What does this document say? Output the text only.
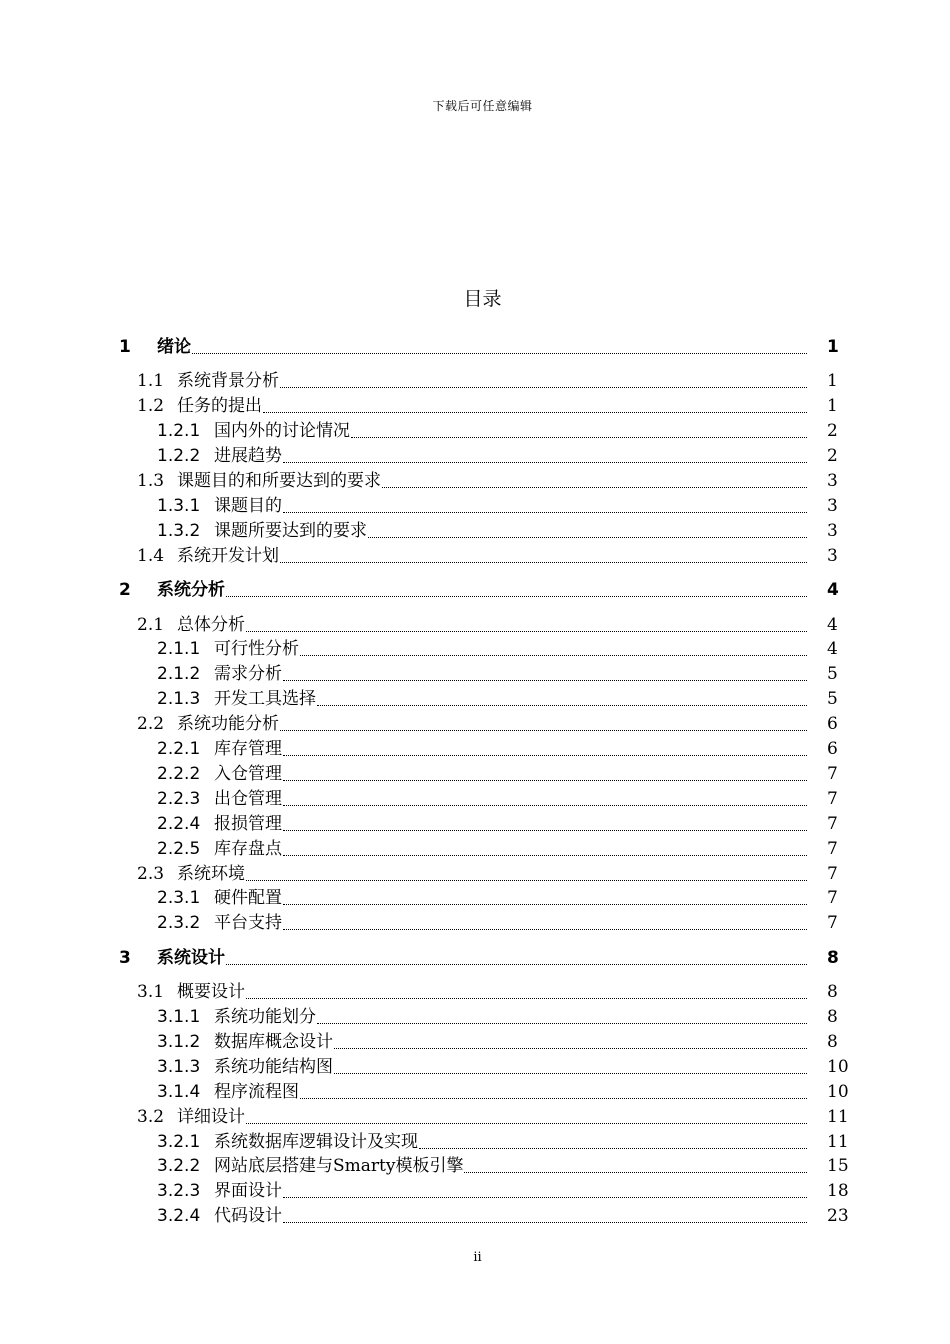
下载后可任意编辑
目录
1 绪论	1
1.1 系统背景分析	1
1.2 任务的提出	1
1.2.1 国内外的讨论情况	2
1.2.2 进展趋势	2
1.3 课题目的和所要达到的要求	3
1.3.1 课题目的	3
1.3.2 课题所要达到的要求	3
1.4 系统开发计划	3
2 系统分析	4
2.1 总体分析	4
2.1.1 可行性分析	4
2.1.2 需求分析	5
2.1.3 开发工具选择	5
2.2 系统功能分析	6
2.2.1 库存管理	6
2.2.2 入仓管理	7
2.2.3 出仓管理	7
2.2.4 报损管理	7
2.2.5 库存盘点	7
2.3 系统环境	7
2.3.1 硬件配置	7
2.3.2 平台支持	7
3 系统设计	8
3.1 概要设计	8
3.1.1 系统功能划分	8
3.1.2 数据库概念设计	8
3.1.3 系统功能结构图	10
3.1.4 程序流程图	10
3.2 详细设计	11
3.2.1 系统数据库逻辑设计及实现	11
3.2.2 网站底层搭建与Smarty模板引擎	15
3.2.3 界面设计	18
3.2.4 代码设计	23
ii
